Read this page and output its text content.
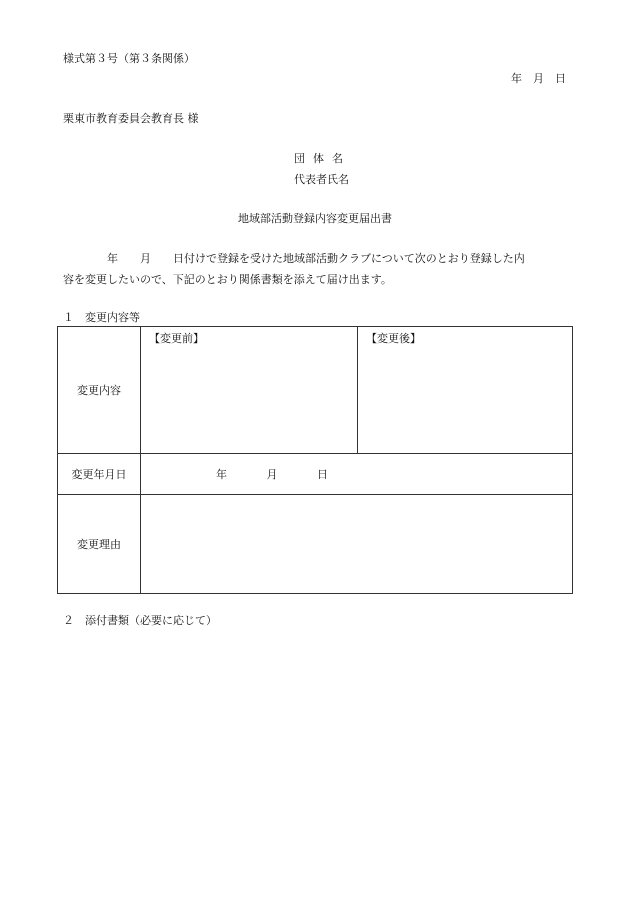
様式第３号（第３条関係）
年　月　日
栗東市教育委員会教育長 様
団体名
代表者氏名
地域部活動登録内容変更届出書
　　　　年　　月　　日付けで登録を受けた地域部活動クラブについて次のとおり登録した内
容を変更したいので、下記のとおり関係書類を添えて届け出ます。
１　変更内容等
変更内容	【変更前】	【変更後】
変更年月日	年 月 日	
変更理由		
２　添付書類（必要に応じて）
